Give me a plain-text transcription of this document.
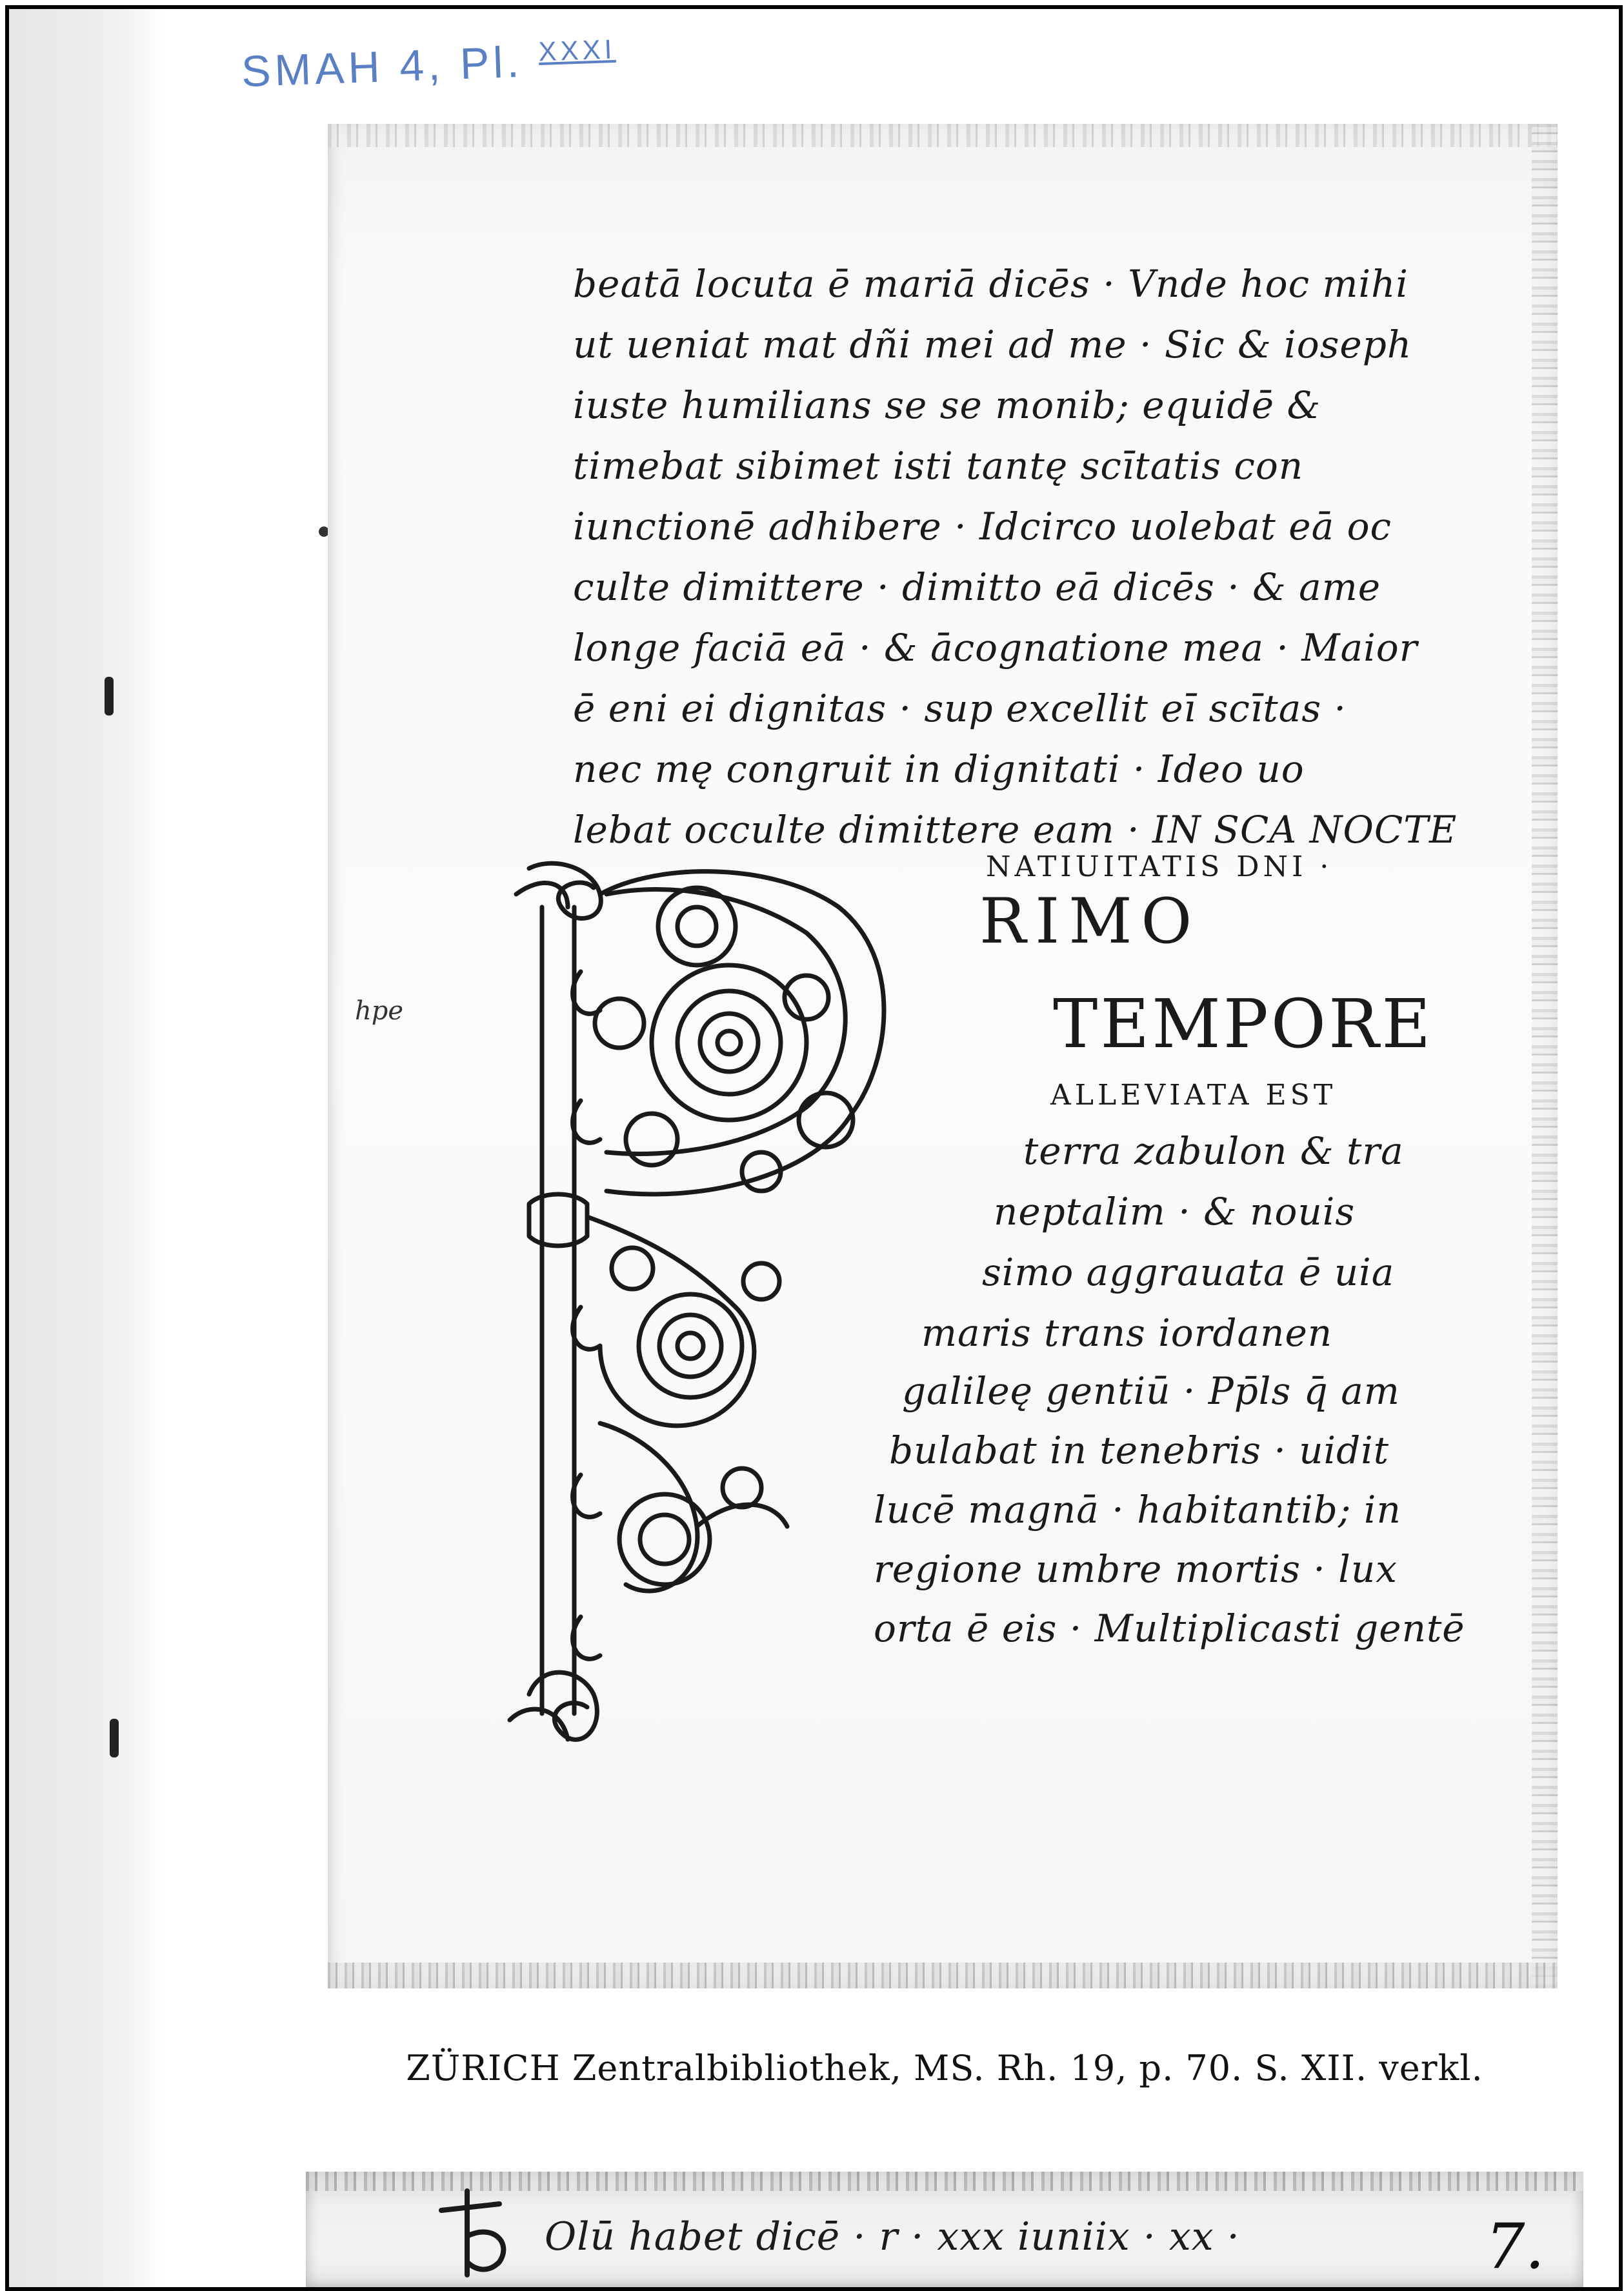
SMAH 4, Pl. $^{XXXI}$
beatā locuta ē mariā dicēs · Vnde hoc mihi
ut ueniat mat dñi mei ad me · Sic & ioseph
iuste humilians se se monib; equidē &
timebat sibimet isti tantę scītatis con
iunctionē adhibere · Idcirco uolebat eā oc
culte dimittere · dimitto eā dicēs · & ame
longe faciā eā · & ācognatione mea · Maior
ē eni ei dignitas · sup excellit eī scītas ·
nec mę congruit in dignitati · Ideo uo
lebat occulte dimittere eam · IN SCA NOCTE
NATIUITATIS DNI ·
RIMO
TEMPORE
ALLEVIATA EST
terra zabulon & tra
neptalim · & nouis
simo aggrauata ē uia
maris trans iordanen
galileę gentiū · Pp̄ls q̄ am
bulabat in tenebris · uidit
lucē magnā · habitantib; in
regione umbre mortis · lux
orta ē eis · Multiplicasti gentē
hpe
ZÜRICH Zentralbibliothek, MS. Rh. 19, p. 70. S. XII. verkl.
Olū habet dicē · r · xxx iuniix · xx ·	7.
